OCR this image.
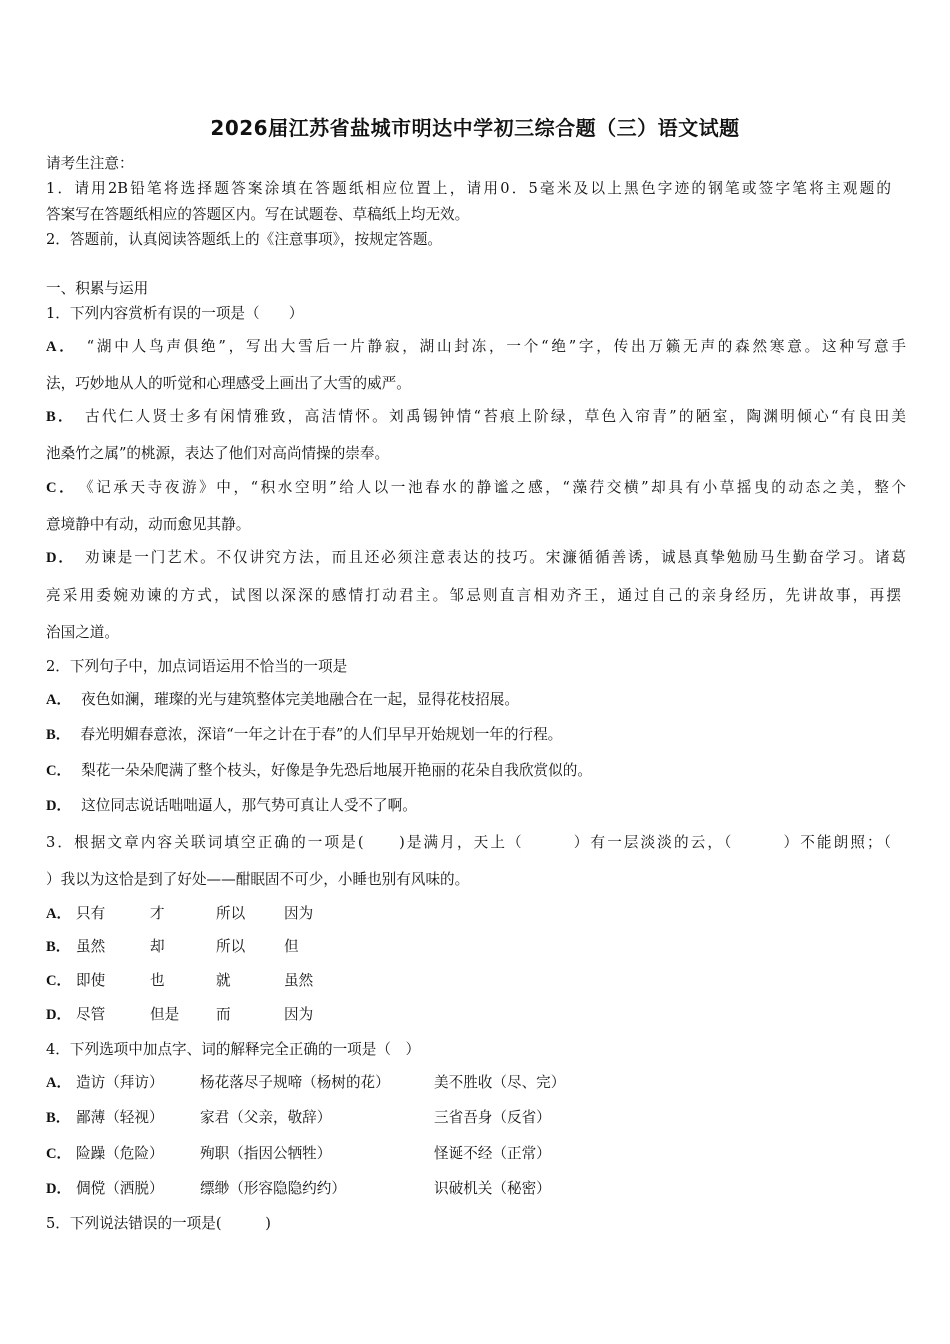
2026届江苏省盐城市明达中学初三综合题（三）语文试题
请考生注意：
1．请用2B铅笔将选择题答案涂填在答题纸相应位置上，请用0．5毫米及以上黑色字迹的钢笔或签字笔将主观题的
答案写在答题纸相应的答题区内。写在试题卷、草稿纸上均无效。
2．答题前，认真阅读答题纸上的《注意事项》，按规定答题。
一、积累与运用
1．下列内容赏析有误的一项是（　　）
A． “湖中人鸟声俱绝”，写出大雪后一片静寂，湖山封冻，一个“绝”字，传出万籁无声的森然寒意。这种写意手
法，巧妙地从人的听觉和心理感受上画出了大雪的威严。
B． 古代仁人贤士多有闲情雅致，高洁情怀。刘禹锡钟情“苔痕上阶绿，草色入帘青”的陋室，陶渊明倾心“有良田美
池桑竹之属”的桃源，表达了他们对高尚情操的崇奉。
C． 《记承天寺夜游》中，“积水空明”给人以一池春水的静谧之感，“藻荇交横”却具有小草摇曳的动态之美，整个
意境静中有动，动而愈见其静。
D． 劝谏是一门艺术。不仅讲究方法，而且还必须注意表达的技巧。宋濂循循善诱，诚恳真挚勉励马生勤奋学习。诸葛
亮采用委婉劝谏的方式，试图以深深的感情打动君主。邹忌则直言相劝齐王，通过自己的亲身经历，先讲故事，再摆
治国之道。
2．下列句子中，加点词语运用不恰当的一项是
A． 夜色如澜，璀璨的光与建筑整体完美地融合在一起，显得花枝招展。
B． 春光明媚春意浓，深谙“一年之计在于春”的人们早早开始规划一年的行程。
C． 梨花一朵朵爬满了整个枝头，好像是争先恐后地展开艳丽的花朵自我欣赏似的。
D． 这位同志说话咄咄逼人，那气势可真让人受不了啊。
3．根据文章内容关联词填空正确的一项是(　　)是满月，天上（　　　）有一层淡淡的云，（　　　）不能朗照；（
）我以为这恰是到了好处——酣眠固不可少，小睡也别有风味的。
A． 只有	才	所以	因为
B． 虽然	却	所以	但
C． 即使	也	就	虽然
D． 尽管	但是	而	因为
4．下列选项中加点字、词的解释完全正确的一项是（　）
A． 造访（拜访） 杨花落尽子规啼（杨树的花）	美不胜收（尽、完）
B． 鄙薄（轻视） 家君（父亲，敬辞）	三省吾身（反省）
C． 险躁（危险） 殉职（指因公牺牲）	怪诞不经（正常）
D． 倜傥（洒脱） 缥缈（形容隐隐约约）	识破机关（秘密）
5．下列说法错误的一项是(　　　)
